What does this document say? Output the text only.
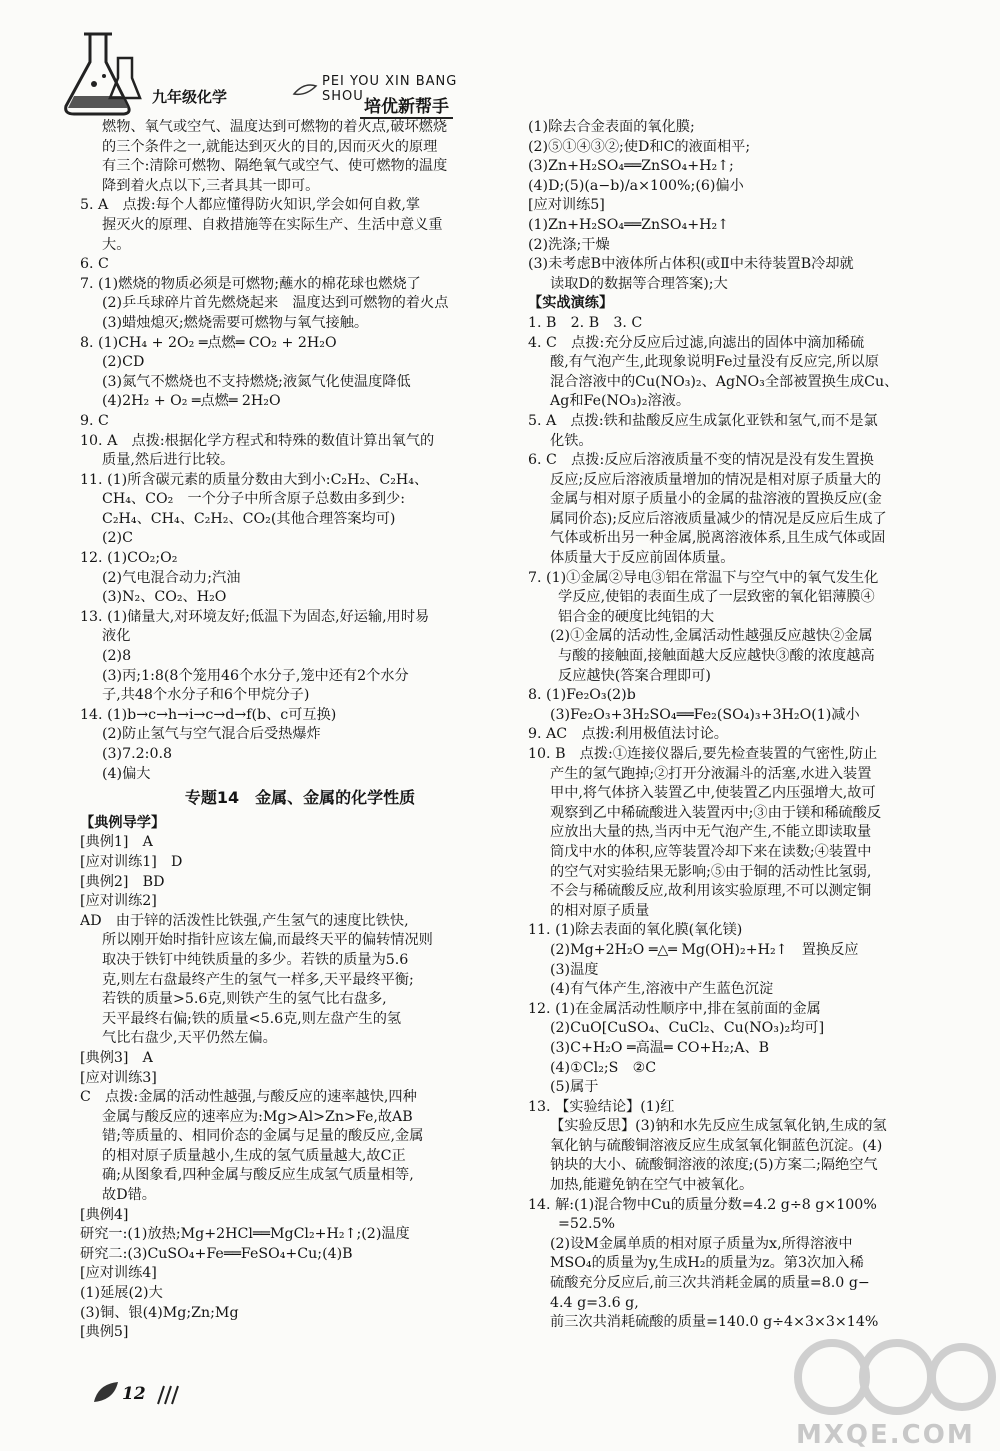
九年级化学
PEI YOU XIN BANG SHOU
培优新帮手
燃物、氧气或空气、温度达到可燃物的着火点,破坏燃烧
的三个条件之一,就能达到灭火的目的,因而灭火的原理
有三个:清除可燃物、隔绝氧气或空气、使可燃物的温度
降到着火点以下,三者具其一即可。
5. A　点拨:每个人都应懂得防火知识,学会如何自救,掌
握灭火的原理、自救措施等在实际生产、生活中意义重
大。
6. C
7. (1)燃烧的物质必须是可燃物;蘸水的棉花球也燃烧了
(2)乒乓球碎片首先燃烧起来　温度达到可燃物的着火点
(3)蜡烛熄灭;燃烧需要可燃物与氧气接触。
8. (1)CH₄ + 2O₂ ═点燃═ CO₂ + 2H₂O
(2)CD
(3)氮气不燃烧也不支持燃烧;液氮气化使温度降低
(4)2H₂ + O₂ ═点燃═ 2H₂O
9. C
10. A　点拨:根据化学方程式和特殊的数值计算出氧气的
质量,然后进行比较。
11. (1)所含碳元素的质量分数由大到小:C₂H₂、C₂H₄、
CH₄、CO₂　一个分子中所含原子总数由多到少:
C₂H₄、CH₄、C₂H₂、CO₂(其他合理答案均可)
(2)C
12. (1)CO₂;O₂
(2)气电混合动力;汽油
(3)N₂、CO₂、H₂O
13. (1)储量大,对环境友好;低温下为固态,好运输,用时易
液化
(2)8
(3)丙;1:8(8个笼用46个水分子,笼中还有2个水分
子,共48个水分子和6个甲烷分子)
14. (1)b→c→h→i→c→d→f(b、c可互换)
(2)防止氢气与空气混合后受热爆炸
(3)7.2:0.8
(4)偏大
专题14　金属、金属的化学性质
【典例导学】
[典例1]　A
[应对训练1]　D
[典例2]　BD
[应对训练2]
AD　由于锌的活泼性比铁强,产生氢气的速度比铁快,
所以刚开始时指针应该左偏,而最终天平的偏转情况则
取决于铁钉中纯铁质量的多少。若铁的质量为5.6
克,则左右盘最终产生的氢气一样多,天平最终平衡;
若铁的质量>5.6克,则铁产生的氢气比右盘多,
天平最终右偏;铁的质量<5.6克,则左盘产生的氢
气比右盘少,天平仍然左偏。
[典例3]　A
[应对训练3]
C　点拨:金属的活动性越强,与酸反应的速率越快,四种
金属与酸反应的速率应为:Mg>Al>Zn>Fe,故AB
错;等质量的、相同价态的金属与足量的酸反应,金属
的相对原子质量越小,生成的氢气质量越大,故C正
确;从图象看,四种金属与酸反应生成氢气质量相等,
故D错。
[典例4]
研究一:(1)放热;Mg+2HCl══MgCl₂+H₂↑;(2)温度
研究二:(3)CuSO₄+Fe══FeSO₄+Cu;(4)B
[应对训练4]
(1)延展(2)大
(3)铜、银(4)Mg;Zn;Mg
[典例5]
(1)除去合金表面的氧化膜;
(2)⑤①④③②;使D和C的液面相平;
(3)Zn+H₂SO₄══ZnSO₄+H₂↑;
(4)D;(5)(a−b)/a×100%;(6)偏小
[应对训练5]
(1)Zn+H₂SO₄══ZnSO₄+H₂↑
(2)洗涤;干燥
(3)未考虑B中液体所占体积(或Ⅱ中未待装置B冷却就
读取D的数据等合理答案);大
【实战演练】
1. B　2. B　3. C
4. C　点拨:充分反应后过滤,向滤出的固体中滴加稀硫
酸,有气泡产生,此现象说明Fe过量没有反应完,所以原
混合溶液中的Cu(NO₃)₂、AgNO₃全部被置换生成Cu、
Ag和Fe(NO₃)₂溶液。
5. A　点拨:铁和盐酸反应生成氯化亚铁和氢气,而不是氯
化铁。
6. C　点拨:反应后溶液质量不变的情况是没有发生置换
反应;反应后溶液质量增加的情况是相对原子质量大的
金属与相对原子质量小的金属的盐溶液的置换反应(金
属同价态);反应后溶液质量减少的情况是反应后生成了
气体或析出另一种金属,脱离溶液体系,且生成气体或固
体质量大于反应前固体质量。
7. (1)①金属②导电③铝在常温下与空气中的氧气发生化
学反应,使铝的表面生成了一层致密的氧化铝薄膜④
铝合金的硬度比纯铝的大
(2)①金属的活动性,金属活动性越强反应越快②金属
与酸的接触面,接触面越大反应越快③酸的浓度越高
反应越快(答案合理即可)
8. (1)Fe₂O₃(2)b
(3)Fe₂O₃+3H₂SO₄══Fe₂(SO₄)₃+3H₂O(1)减小
9. AC　点拨:利用极值法讨论。
10. B　点拨:①连接仪器后,要先检查装置的气密性,防止
产生的氢气跑掉;②打开分液漏斗的活塞,水进入装置
甲中,将气体挤入装置乙中,使装置乙内压强增大,故可
观察到乙中稀硫酸进入装置丙中;③由于镁和稀硫酸反
应放出大量的热,当丙中无气泡产生,不能立即读取量
筒戊中水的体积,应等装置冷却下来在读数;④装置中
的空气对实验结果无影响;⑤由于铜的活动性比氢弱,
不会与稀硫酸反应,故利用该实验原理,不可以测定铜
的相对原子质量
11. (1)除去表面的氧化膜(氧化镁)
(2)Mg+2H₂O ═△═ Mg(OH)₂+H₂↑　置换反应
(3)温度
(4)有气体产生,溶液中产生蓝色沉淀
12. (1)在金属活动性顺序中,排在氢前面的金属
(2)CuO[CuSO₄、CuCl₂、Cu(NO₃)₂均可]
(3)C+H₂O ═高温═ CO+H₂;A、B
(4)①Cl₂;S　②C
(5)属于
13. 【实验结论】(1)红
【实验反思】(3)钠和水先反应生成氢氧化钠,生成的氢
氧化钠与硫酸铜溶液反应生成氢氧化铜蓝色沉淀。(4)
钠块的大小、硫酸铜溶液的浓度;(5)方案二;隔绝空气
加热,能避免钠在空气中被氧化。
14. 解:(1)混合物中Cu的质量分数=4.2 g÷8 g×100%
=52.5%
(2)设M金属单质的相对原子质量为x,所得溶液中
MSO₄的质量为y,生成H₂的质量为z。第3次加入稀
硫酸充分反应后,前三次共消耗金属的质量=8.0 g−
4.4 g=3.6 g,
前三次共消耗硫酸的质量=140.0 g÷4×3×3×14%
12
MXQE.COM
